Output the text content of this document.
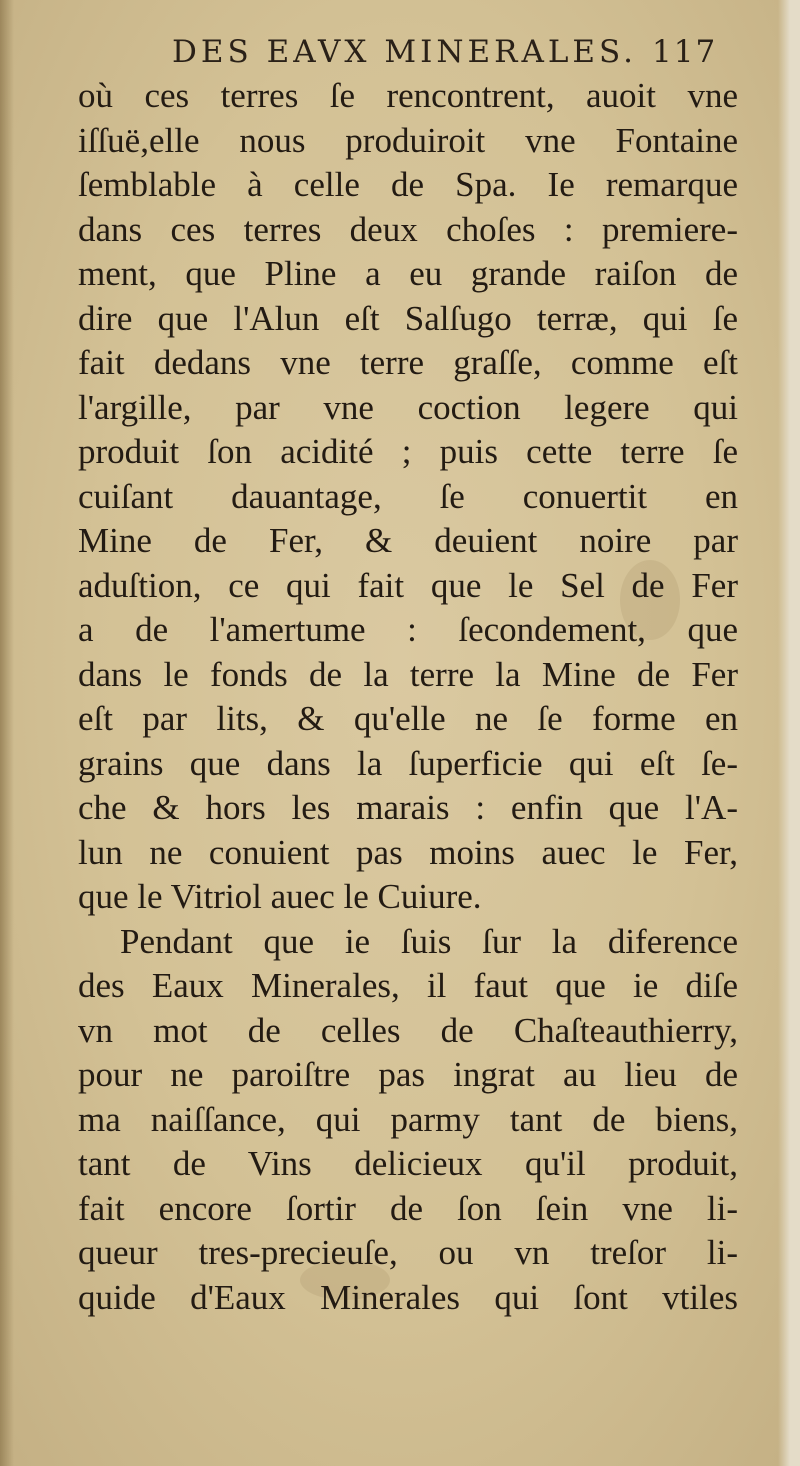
DES EAVX MINERALES. 117
où ces terres ſe rencontrent, auoit vne
iſſuë,elle nous produiroit vne Fontaine
ſemblable à celle de Spa. Ie remarque
dans ces terres deux choſes : premiere-
ment, que Pline a eu grande raiſon de
dire que l'Alun eſt Salſugo terræ, qui ſe
fait dedans vne terre graſſe, comme eſt
l'argille, par vne coction legere qui
produit ſon acidité ; puis cette terre ſe
cuiſant dauantage, ſe conuertit en
Mine de Fer, & deuient noire par
aduſtion, ce qui fait que le Sel de Fer
a de l'amertume : ſecondement, que
dans le fonds de la terre la Mine de Fer
eſt par lits, & qu'elle ne ſe forme en
grains que dans la ſuperficie qui eſt ſe-
che & hors les marais : enfin que l'A-
lun ne conuient pas moins auec le Fer,
que le Vitriol auec le Cuiure.
Pendant que ie ſuis ſur la diference
des Eaux Minerales, il faut que ie diſe
vn mot de celles de Chaſteauthierry,
pour ne paroiſtre pas ingrat au lieu de
ma naiſſance, qui parmy tant de biens,
tant de Vins delicieux qu'il produit,
fait encore ſortir de ſon ſein vne li-
queur tres-precieuſe, ou vn treſor li-
quide d'Eaux Minerales qui ſont vtiles
